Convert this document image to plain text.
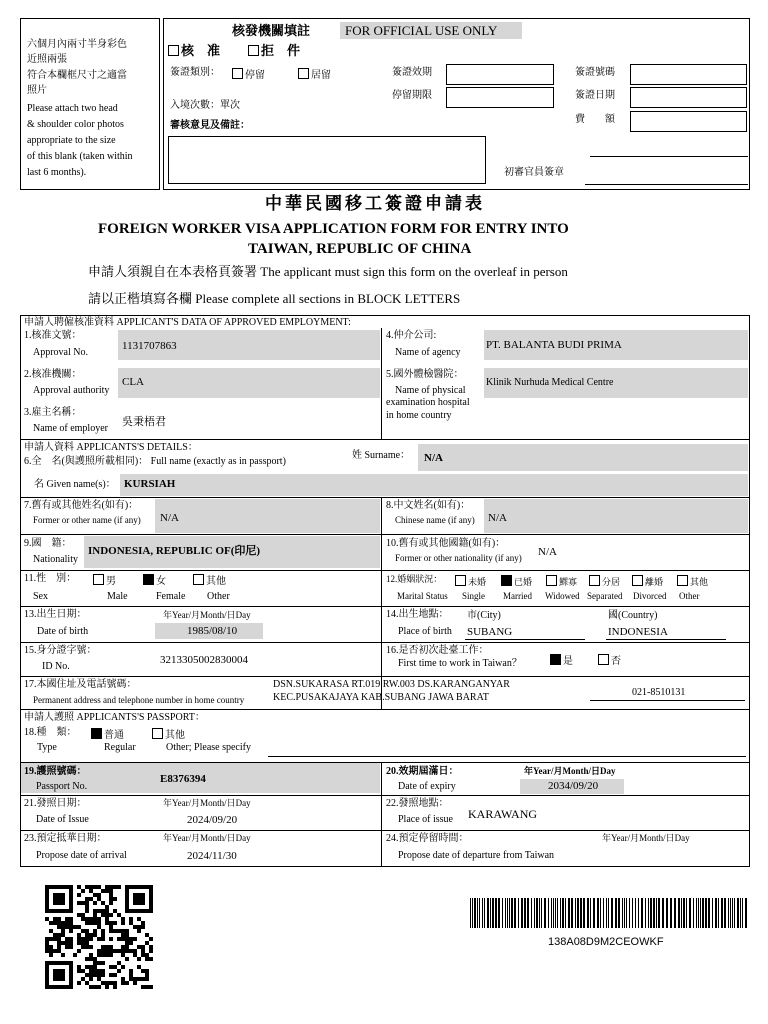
六個月內兩寸半身彩色
近照兩張
符合本欄框尺寸之適當
照片
Please attach two head
& shoulder color photos
appropriate to the size
of this blank (taken within
last 6 months).
核發機關填註	FOR OFFICIAL USE ONLY
核　准	拒　件
簽證類別：	停留	居留
入境次數：單次
審核意見及備註：
簽證效期
停留期限
簽證號碼
簽證日期
費　　額
初審官員簽章
中華民國移工簽證申請表
FOREIGN WORKER VISA APPLICATION FORM FOR ENTRY INTO
TAIWAN, REPUBLIC OF CHINA
申請人須親自在本表格頁簽署 The applicant must sign this form on the overleaf in person
請以正楷填寫各欄 Please complete all sections in BLOCK LETTERS
申請人聘僱核准資料 APPLICANT'S DATA OF APPROVED EMPLOYMENT:
1.核准文號：
Approval No.
1131707863
2.核准機關：
Approval authority
CLA
3.雇主名稱：
Name of employer
吳秉梧君
4.仲介公司:
Name of agency
PT. BALANTA BUDI PRIMA
5.國外體檢醫院：
Name of physical
examination hospital
in home country
Klinik Nurhuda Medical Centre
申請人資料 APPLICANTS'S DETAILS：
6.全　名(與護照所載相同)： Full name (exactly as in passport)
姓 Surname： N/A
名 Given name(s)： KURSIAH
7.舊有或其他姓名(如有)：
Former or other name (if any) N/A
8.中文姓名(如有)：
Chinese name (if any) N/A
9.國　籍：
Nationality
INDONESIA, REPUBLIC OF(印尼)
10.舊有或其他國籍(如有)：
Former or other nationality (if any) N/A
11.性　別：
Sex
男
Male
女
Female
其他
Other
12.婚姻狀況：
Marital Status
未婚
Single
已婚
Married
鰥寡
Widowed
分居
Separated
離婚
Divorced
其他
Other
13.出生日期：
Date of birth
年Year/月Month/日Day
1985/08/10
14.出生地點：
Place of birth
市(City)	國(Country)
SUBANG	INDONESIA
15.身分證字號：
ID No.
3213305002830004
16.是否初次赴臺工作：
First time to work in Taiwan？	是	否
17.本國住址及電話號碼：
Permanent address and telephone number in home country
DSN.SUKARASA RT.019 RW.003 DS.KARANGANYAR
KEC.PUSAKAJAYA KAB.SUBANG JAWA BARAT	021-8510131
申請人護照 APPLICANTS'S PASSPORT：
18.種　類：
Type
普通
Regular
其他
Other; Please specify
19.護照號碼：
Passport No.
E8376394
20.效期屆滿日：
Date of expiry
年Year/月Month/日Day
2034/09/20
21.發照日期：
Date of Issue
年Year/月Month/日Day
2024/09/20
22.發照地點：
Place of issue KARAWANG
23.預定抵華日期：
Propose date of arrival
年Year/月Month/日Day
2024/11/30
24.預定停留時間：
Propose date of departure from Taiwan
年Year/月Month/日Day
138A08D9M2CEOWKF
